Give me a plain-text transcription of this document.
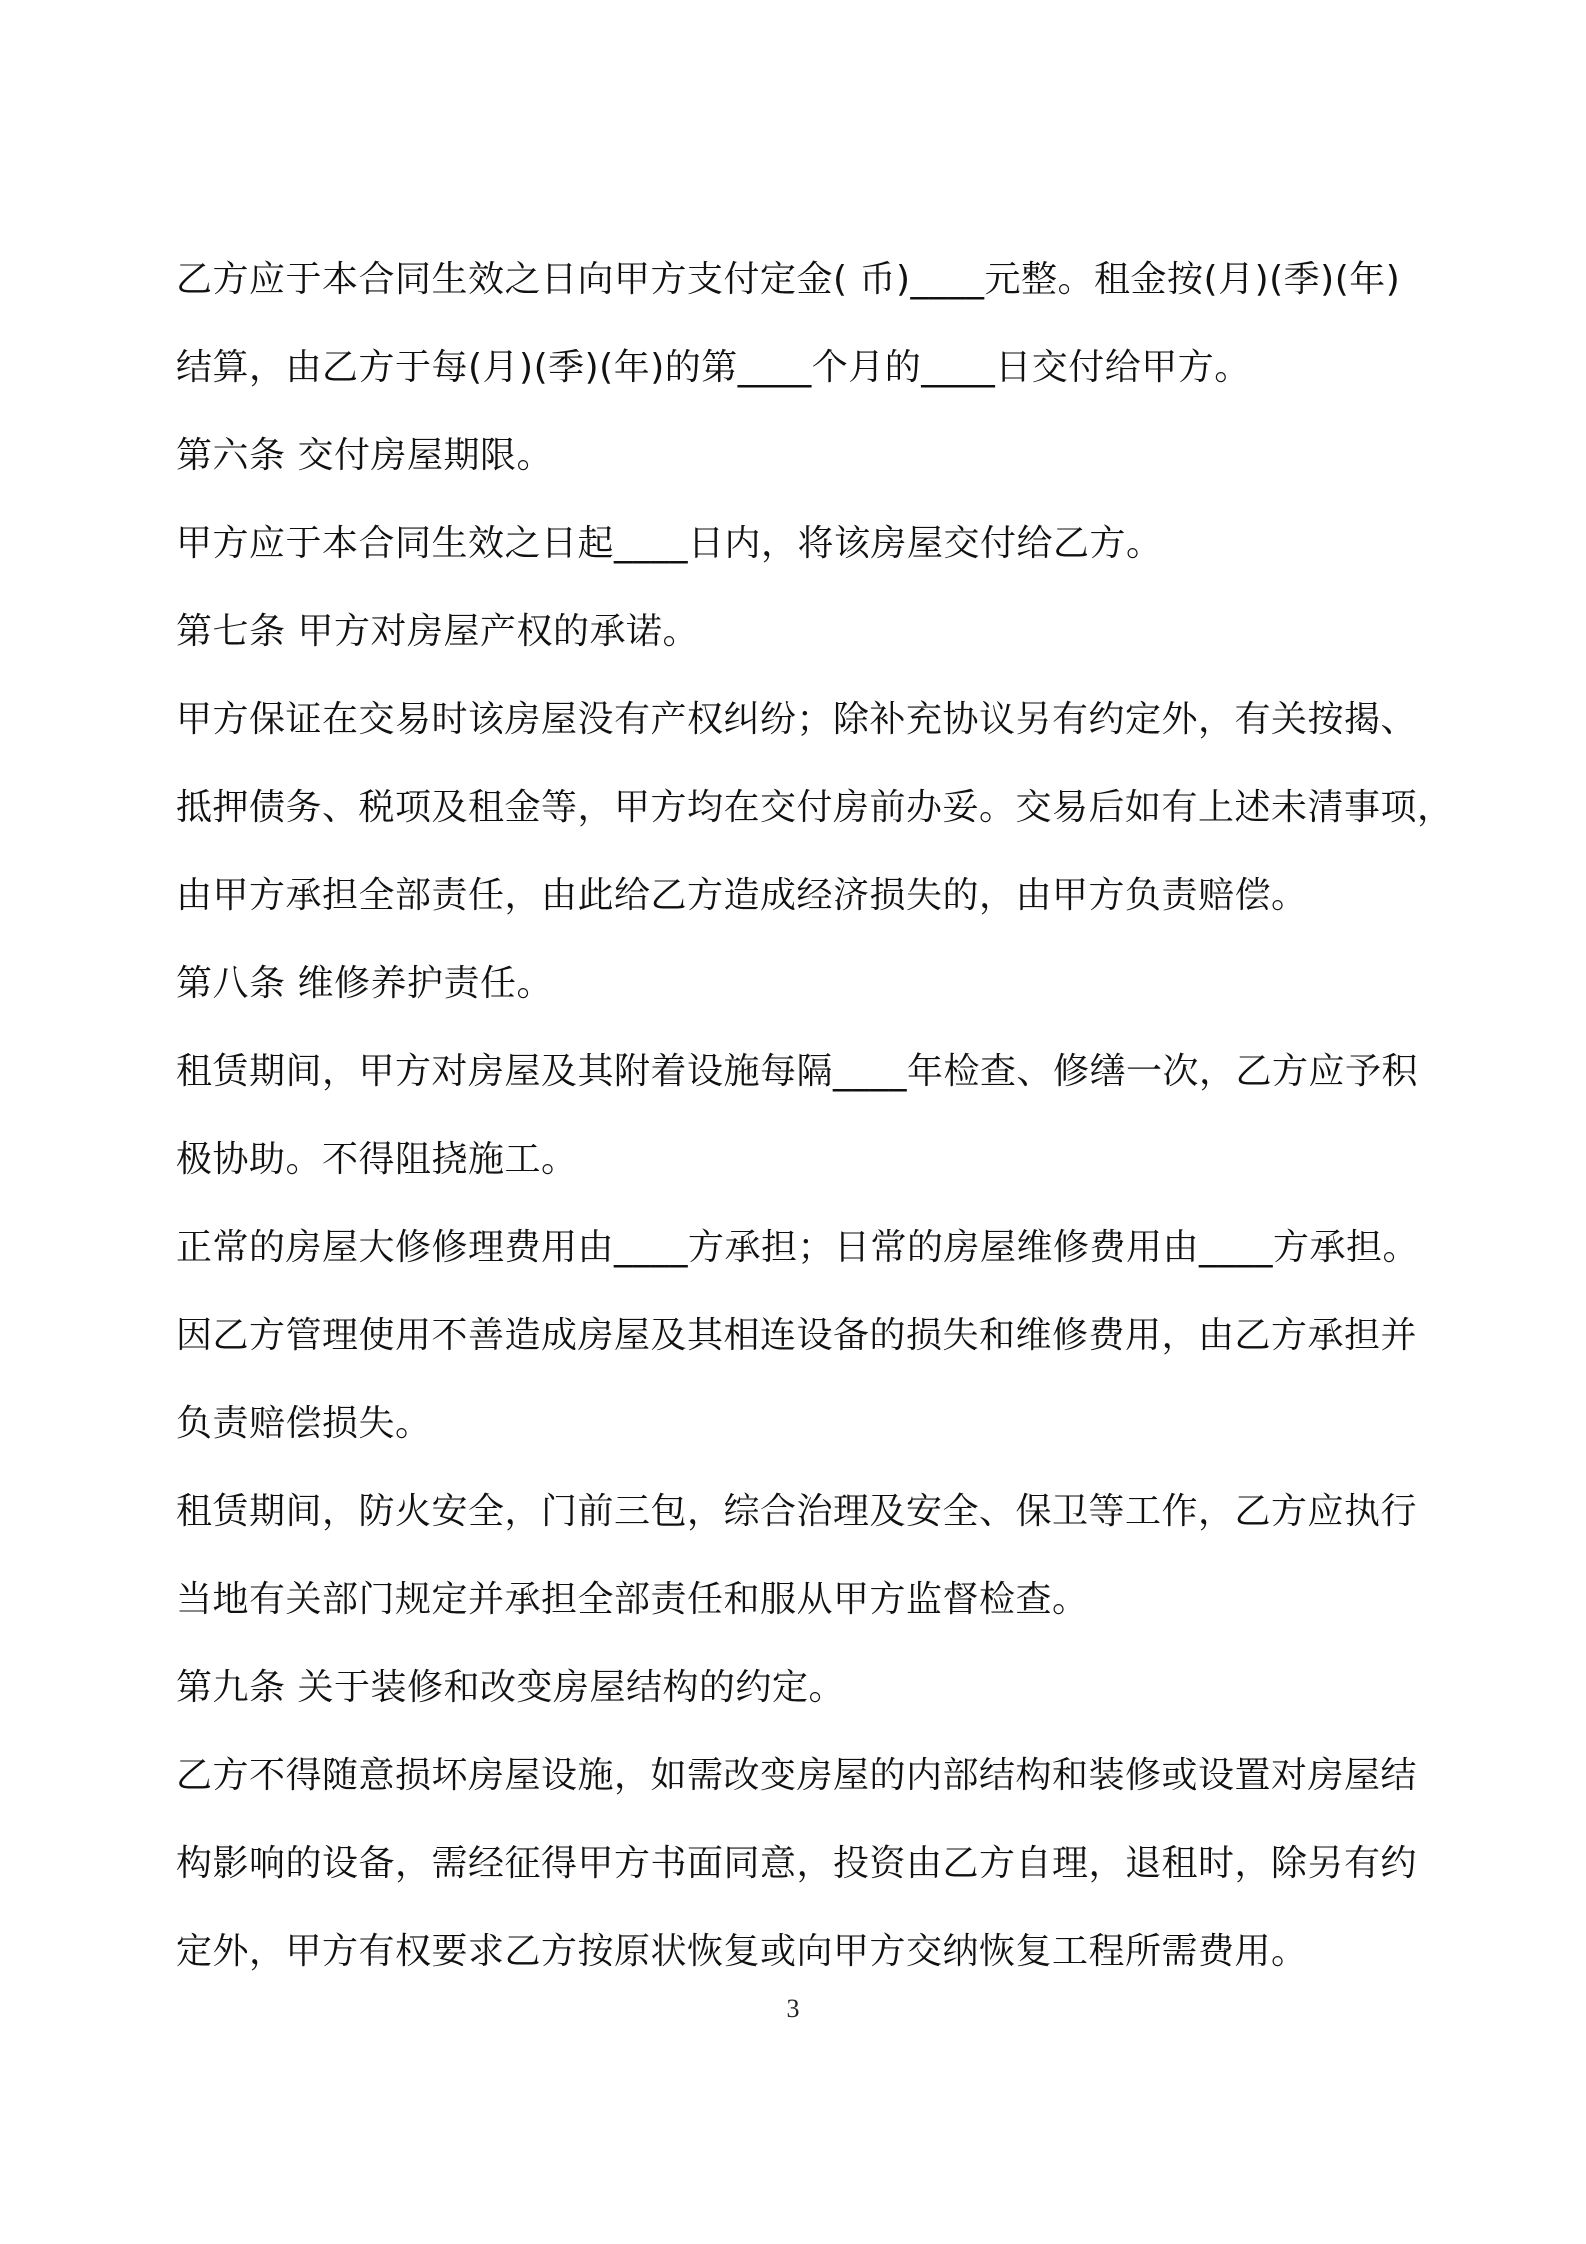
乙方应于本合同生效之日向甲方支付定金( 币)____元整。租金按(月)(季)(年)
结算，由乙方于每(月)(季)(年)的第____个月的____日交付给甲方。
第六条 交付房屋期限。
甲方应于本合同生效之日起____日内，将该房屋交付给乙方。
第七条 甲方对房屋产权的承诺。
甲方保证在交易时该房屋没有产权纠纷；除补充协议另有约定外，有关按揭、
抵押债务、税项及租金等，甲方均在交付房前办妥。交易后如有上述未清事项，
由甲方承担全部责任，由此给乙方造成经济损失的，由甲方负责赔偿。
第八条 维修养护责任。
租赁期间，甲方对房屋及其附着设施每隔____年检查、修缮一次，乙方应予积
极协助。不得阻挠施工。
正常的房屋大修修理费用由____方承担；日常的房屋维修费用由____方承担。
因乙方管理使用不善造成房屋及其相连设备的损失和维修费用，由乙方承担并
负责赔偿损失。
租赁期间，防火安全，门前三包，综合治理及安全、保卫等工作，乙方应执行
当地有关部门规定并承担全部责任和服从甲方监督检查。
第九条 关于装修和改变房屋结构的约定。
乙方不得随意损坏房屋设施，如需改变房屋的内部结构和装修或设置对房屋结
构影响的设备，需经征得甲方书面同意，投资由乙方自理，退租时，除另有约
定外，甲方有权要求乙方按原状恢复或向甲方交纳恢复工程所需费用。
3
